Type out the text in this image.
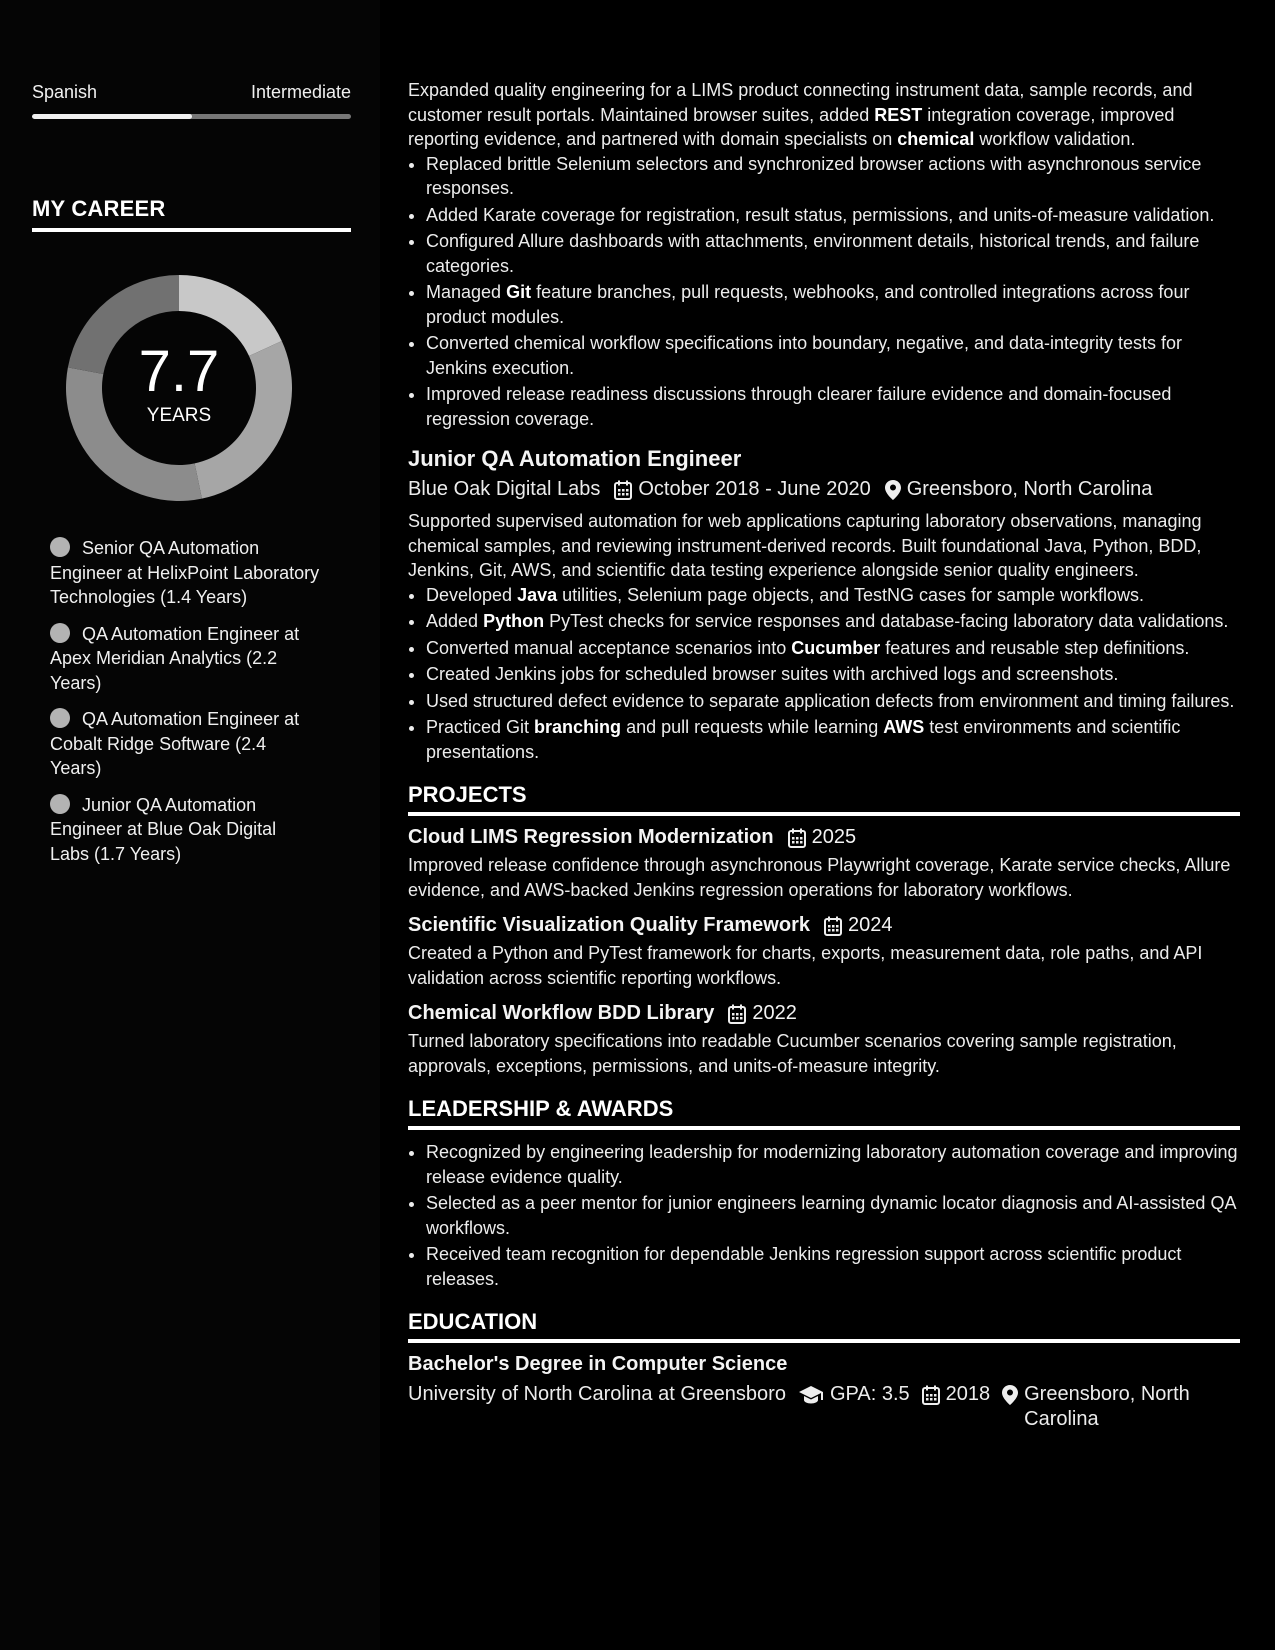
Spanish	Intermediate
MY CAREER
7.7
YEARS
Senior QA Automation Engineer at HelixPoint Laboratory Technologies (1.4 Years)
QA Automation Engineer at Apex Meridian Analytics (2.2 Years)
QA Automation Engineer at Cobalt Ridge Software (2.4 Years)
Junior QA Automation Engineer at Blue Oak Digital Labs (1.7 Years)

Expanded quality engineering for a LIMS product connecting instrument data, sample records, and customer result portals. Maintained browser suites, added REST integration coverage, improved reporting evidence, and partnered with domain specialists on chemical workflow validation.

• Replaced brittle Selenium selectors and synchronized browser actions with asynchronous service responses.
• Added Karate coverage for registration, result status, permissions, and units-of-measure validation.
• Configured Allure dashboards with attachments, environment details, historical trends, and failure categories.
• Managed Git feature branches, pull requests, webhooks, and controlled integrations across four product modules.
• Converted chemical workflow specifications into boundary, negative, and data-integrity tests for Jenkins execution.
• Improved release readiness discussions through clearer failure evidence and domain-focused regression coverage.
Junior QA Automation Engineer
Blue Oak Digital Labs October 2018 - June 2020 Greensboro, North Carolina

Supported supervised automation for web applications capturing laboratory observations, managing chemical samples, and reviewing instrument-derived records. Built foundational Java, Python, BDD, Jenkins, Git, AWS, and scientific data testing experience alongside senior quality engineers.

• Developed Java utilities, Selenium page objects, and TestNG cases for sample workflows.
• Added Python PyTest checks for service responses and database-facing laboratory data validations.
• Converted manual acceptance scenarios into Cucumber features and reusable step definitions.
• Created Jenkins jobs for scheduled browser suites with archived logs and screenshots.
• Used structured defect evidence to separate application defects from environment and timing failures.
• Practiced Git branching and pull requests while learning AWS test environments and scientific presentations.
PROJECTS
Cloud LIMS Regression Modernization 2025

Improved release confidence through asynchronous Playwright coverage, Karate service checks, Allure evidence, and AWS-backed Jenkins regression operations for laboratory workflows.

Scientific Visualization Quality Framework 2024

Created a Python and PyTest framework for charts, exports, measurement data, role paths, and API validation across scientific reporting workflows.

Chemical Workflow BDD Library 2022

Turned laboratory specifications into readable Cucumber scenarios covering sample registration, approvals, exceptions, permissions, and units-of-measure integrity.

LEADERSHIP & AWARDS
• Recognized by engineering leadership for modernizing laboratory automation coverage and improving release evidence quality.
• Selected as a peer mentor for junior engineers learning dynamic locator diagnosis and AI-assisted QA workflows.
• Received team recognition for dependable Jenkins regression support across scientific product releases.
EDUCATION
Bachelor's Degree in Computer Science
University of North Carolina at Greensboro GPA: 3.5 2018 Greensboro, North Carolina
